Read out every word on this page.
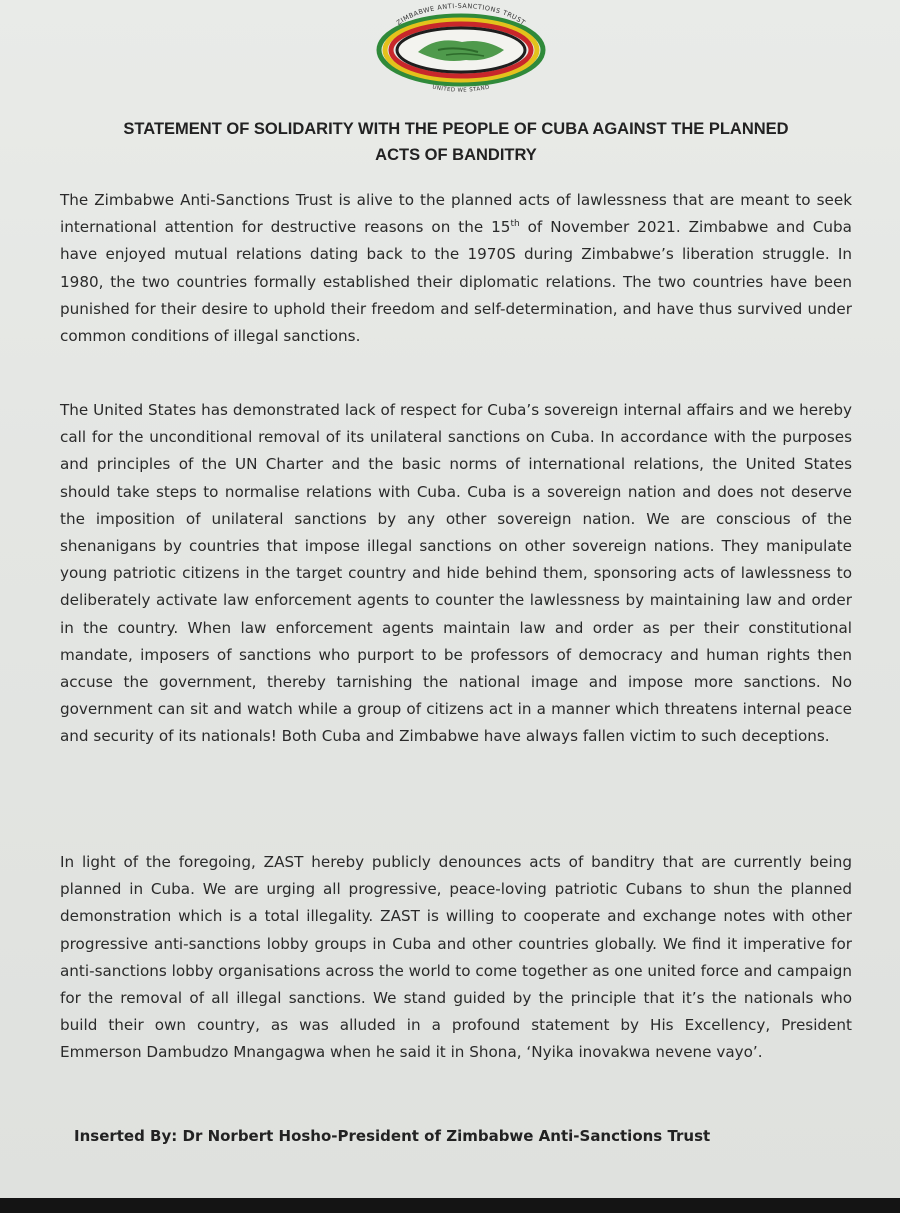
ZIMBABWE ANTI-SANCTIONS TRUST
UNITED WE STAND
STATEMENT OF SOLIDARITY WITH THE PEOPLE OF CUBA AGAINST THE PLANNED
ACTS OF BANDITRY

The Zimbabwe Anti-Sanctions Trust is alive to the planned acts of lawlessness that are meant to seek international attention for destructive reasons on the 15th of November 2021. Zimbabwe and Cuba have enjoyed mutual relations dating back to the 1970S during Zimbabwe’s liberation struggle. In 1980, the two countries formally established their diplomatic relations. The two countries have been punished for their desire to uphold their freedom and self-determination, and have thus survived under common conditions of illegal sanctions.

The United States has demonstrated lack of respect for Cuba’s sovereign internal affairs and we hereby call for the unconditional removal of its unilateral sanctions on Cuba. In accordance with the purposes and principles of the UN Charter and the basic norms of international relations, the United States should take steps to normalise relations with Cuba. Cuba is a sovereign nation and does not deserve the imposition of unilateral sanctions by any other sovereign nation. We are conscious of the shenanigans by countries that impose illegal sanctions on other sovereign nations. They manipulate young patriotic citizens in the target country and hide behind them, sponsoring acts of lawlessness to deliberately activate law enforcement agents to counter the lawlessness by maintaining law and order in the country. When law enforcement agents maintain law and order as per their constitutional mandate, imposers of sanctions who purport to be professors of democracy and human rights then accuse the government, thereby tarnishing the national image and impose more sanctions. No government can sit and watch while a group of citizens act in a manner which threatens internal peace and security of its nationals! Both Cuba and Zimbabwe have always fallen victim to such deceptions.

In light of the foregoing, ZAST hereby publicly denounces acts of banditry that are currently being planned in Cuba. We are urging all progressive, peace-loving patriotic Cubans to shun the planned demonstration which is a total illegality. ZAST is willing to cooperate and exchange notes with other progressive anti-sanctions lobby groups in Cuba and other countries globally. We find it imperative for anti-sanctions lobby organisations across the world to come together as one united force and campaign for the removal of all illegal sanctions. We stand guided by the principle that it’s the nationals who build their own country, as was alluded in a profound statement by His Excellency, President Emmerson Dambudzo Mnangagwa when he said it in Shona, ‘Nyika inovakwa nevene vayo’.

Inserted By: Dr Norbert Hosho-President of Zimbabwe Anti-Sanctions Trust
